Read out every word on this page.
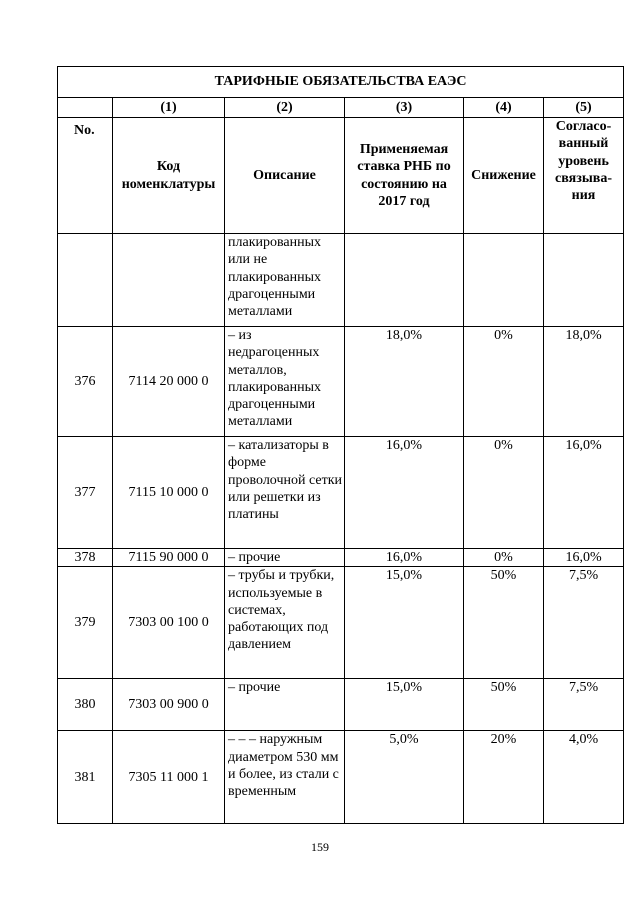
ТАРИФНЫЕ ОБЯЗАТЕЛЬСТВА ЕАЭС					
	(1)	(2)	(3)	(4)	(5)
No.	Код номенклатуры	Описание	Применяемая ставка РНБ по состоянию на 2017 год	Снижение	Согласо-ванный уровень связыва-ния
		плакированных или не плакированных драгоценными металлами			
376	7114 20 000 0	– из недрагоценных металлов, плакированных драгоценными металлами	18,0%	0%	18,0%
377	7115 10 000 0	– катализаторы в форме проволочной сетки или решетки из платины	16,0%	0%	16,0%
378	7115 90 000 0	– прочие	16,0%	0%	16,0%
379	7303 00 100 0	– трубы и трубки, используемые в системах, работающих под давлением	15,0%	50%	7,5%
380	7303 00 900 0	– прочие	15,0%	50%	7,5%
381	7305 11 000 1	– – – наружным диаметром 530 мм и более, из стали с временным	5,0%	20%	4,0%
159
